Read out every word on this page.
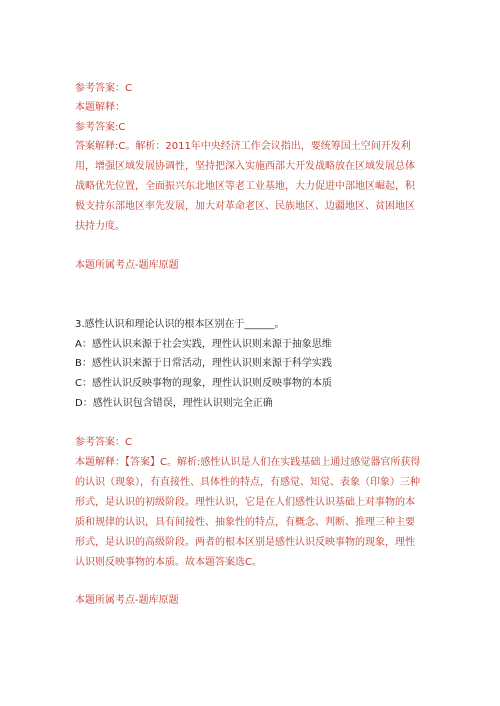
参考答案：C
本题解释：
参考答案:C
答案解释:C。解析：2011年中央经济工作会议指出，要统筹国土空间开发利
用，增强区域发展协调性，坚持把深入实施西部大开发战略放在区域发展总体
战略优先位置，全面振兴东北地区等老工业基地，大力促进中部地区崛起，积
极支持东部地区率先发展，加大对革命老区、民族地区、边疆地区、贫困地区
扶持力度。
本题所属考点-题库原题
3.感性认识和理论认识的根本区别在于______。
A：感性认识来源于社会实践，理性认识则来源于抽象思维
B：感性认识来源于日常活动，理性认识则来源于科学实践
C：感性认识反映事物的现象，理性认识则反映事物的本质
D：感性认识包含错误，理性认识则完全正确
参考答案：C
本题解释：【答案】C。解析:感性认识是人们在实践基础上通过感觉器官所获得
的认识（现象），有直接性、具体性的特点，有感觉、知觉、表象（印象）三种
形式，是认识的初级阶段。理性认识，它是在人们感性认识基础上对事物的本
质和规律的认识，具有间接性、抽象性的特点，有概念、判断、推理三种主要
形式，是认识的高级阶段。两者的根本区别是感性认识反映事物的现象，理性
认识则反映事物的本质。故本题答案选C。
本题所属考点-题库原题
